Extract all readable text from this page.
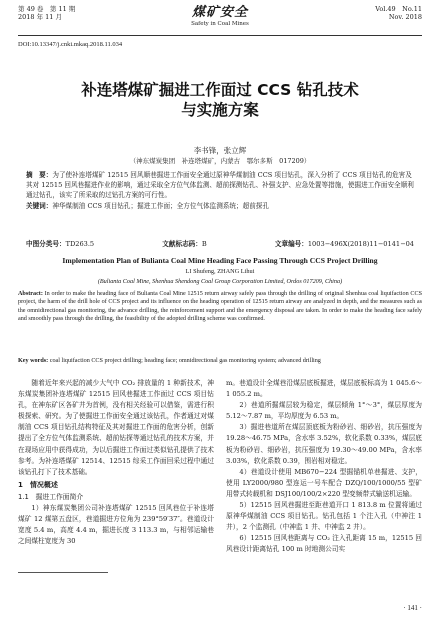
第 49 卷　第 11 期
2018 年 11 月	煤矿安全
Safety in Coal Mines
Vol.49　No.11
Nov. 2018
DOI:10.13347/j.cnki.mkaq.2018.11.034
补连塔煤矿掘进工作面过 CCS 钻孔技术
与实施方案
李书锋，张立辉
（神东煤炭集团　补连塔煤矿，内蒙古　鄂尔多斯　017209）
摘　要：为了使补连塔煤矿 12515 回风顺巷掘进工作面安全通过原神华煤制油 CCS 项目钻孔，深入分析了 CCS 项目钻孔的危害及其对 12515 回风巷掘进作业的影响，通过采取全方位气体监测、超前探测钻孔、补强支护、应急处置等措施，使掘进工作面安全顺利通过钻孔，该实了所采取的过钻孔方案的可行性。
关键词：神华煤制油 CCS 项目钻孔；掘进工作面；全方位气体监测系统；超前探孔
中图分类号：TD263.5	文献标志码：B	文章编号：1003−496X(2018)11−0141−04
Implementation Plan of Bulianta Coal Mine Heading Face Passing Through CCS Project Drilling
LI Shufeng, ZHANG Lihui
(Bulianta Coal Mine, Shenhua Shendong Coal Group Corporation Limited, Ordos 017209, China)
Abstract: In order to make the heading face of Bulianta Coal Mine 12515 return airway safely pass through the drilling of original Shenhua coal liquifaction CCS project, the harm of the drill hole of CCS project and its influence on the heading operation of 12515 return airway are analyzed in depth, and the measures such as the omnidirectional gas monitoring, the advance drilling, the reinforcement support and the emergency disposal are taken. In order to make the heading face safely and smoothly pass through the drilling, the feasibility of the adopted drilling scheme was confirmed.
Key words: coal liquifaction CCS project drilling; heading face; omnidirectional gas monitoring system; advanced drilling

随着近年来兴起的减少大气中 CO₂ 排放量的 1 种新技术，神东煤炭集团补连塔煤矿 12515 回风巷掘进工作面过 CCS 项目钻孔，在神东矿区各矿井为首例，没有相关经验可以借鉴，需进行积极探索、研究。为了使掘进工作面安全通过该钻孔，作者通过对煤制油 CCS 项目钻孔结构特征及其对掘进工作面的危害分析，创新提出了全方位气体监测系统、超前钻探等通过钻孔的技术方案，并在现场应用中获得成功，为以后掘进工作面过类似钻孔提供了技术参考。为补连塔煤矿 12514、12515 综采工作面回采过程中通过该钻孔打下了技术基础。

1　情况概述
1.1　掘进工作面简介

1）神东煤炭集团公司补连塔煤矿 12515 回风巷位于补连塔煤矿 12 煤第五盘区，巷道掘进方位角为 239°59′37″。巷道设计宽度 5.4 m，高度 4.4 m，掘进长度 3 113.3 m，与相邻运输巷之间煤柱宽度为 30

m。巷道设计全煤巷沿煤层底板掘进，煤层底板标高为 1 045.6～1 055.2 m。

2）巷道所掘煤层较为稳定，煤层倾角 1°～3°，煤层厚度为 5.12～7.87 m，平均厚度为 6.53 m。

3）掘进巷道所在煤层顶底板为粉砂岩、细砂岩，抗压强度为 19.28～46.75 MPa，含水率 3.52%，软化系数 0.33%，煤层底板为粉砂岩、细砂岩，抗压强度为 19.30～49.00 MPa，含水率 3.03%，软化系数 0.39，围岩相对稳定。

4）巷道设计使用 MB670−224 型掘锚机单巷掘进、支护，使用 LY2000/980 型连运一号车配合 DZQ/100/1000/55 型矿用带式转载机和 DSJ100/100/2×220 型变频带式输送机运输。

5）12515 回风巷掘进至距巷道开口 1 813.8 m 位置将通过原神华煤制油 CCS 项目钻孔。钻孔包括 1 个注入孔（中神注 1 井），2 个监测孔（中神监 1 井、中神监 2 井）。

6）12515 回风巷距离与 CO₂ 注入孔距离 15 m，12515 回风巷设计距离钻孔 100 m 时地测公司实

· 141 ·
